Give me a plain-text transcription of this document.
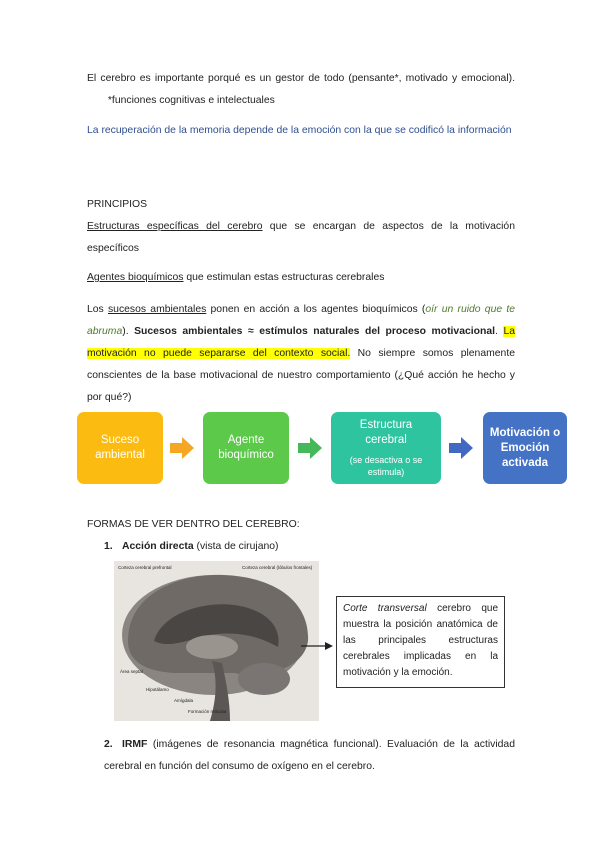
El cerebro es importante porqué es un gestor de todo (pensante*, motivado y emocional).  *funciones cognitivas e intelectuales
La recuperación de la memoria depende de la emoción con la que se codificó la información
PRINCIPIOS
Estructuras específicas del cerebro que se encargan de aspectos de la motivación específicos
Agentes bioquímicos que estimulan estas estructuras cerebrales
Los sucesos ambientales ponen en acción a los agentes bioquímicos (oír un ruido que te abruma). Sucesos ambientales ≈ estímulos naturales del proceso motivacional. La motivación no puede separarse del contexto social. No siempre somos plenamente conscientes de la base motivacional de nuestro comportamiento (¿Qué acción he hecho y por qué?)
Suceso ambiental
Agente bioquímico
Estructura cerebral
(se desactiva o se estimula)
Motivación o Emoción activada
FORMAS DE VER DENTRO DEL CEREBRO:
1. Acción directa (vista de cirujano)
Corteza cerebral prefrontal	Corteza cerebral (lóbulos frontales)
Área septal
Hipotálamo
Amígdala
Formación reticular
Corte transversal cerebro que muestra la posición anatómica de las principales estructuras cerebrales implicadas en la motivación y la emoción.
2. IRMF (imágenes de resonancia magnética funcional). Evaluación de la actividad cerebral en función del consumo de oxígeno en el cerebro.
